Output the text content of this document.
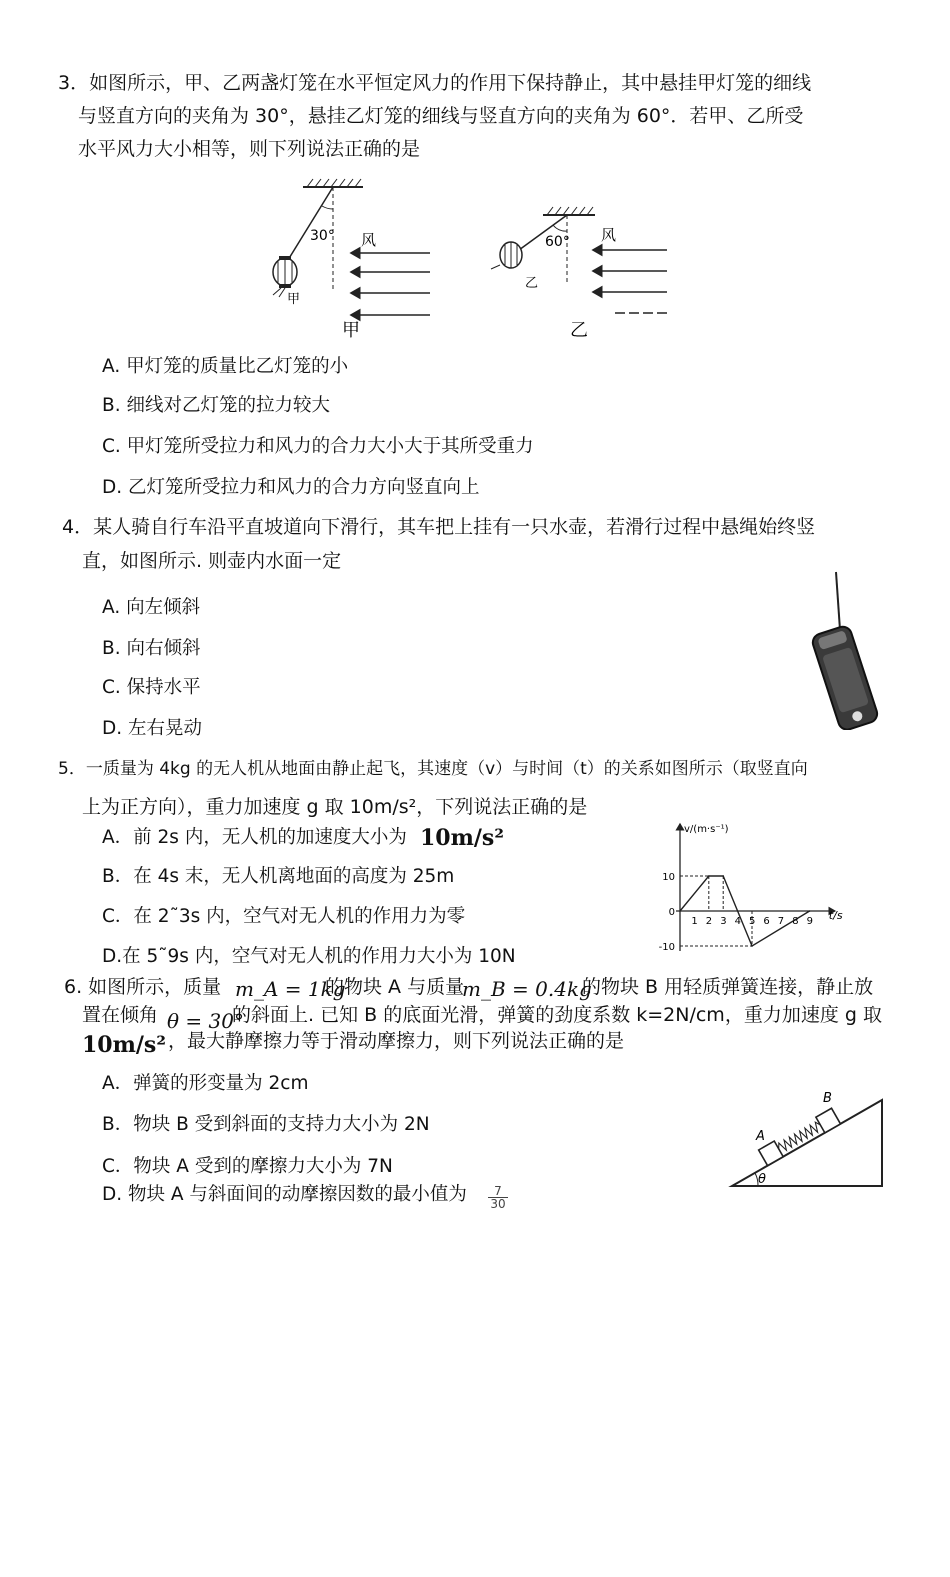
3．如图所示，甲、乙两盏灯笼在水平恒定风力的作用下保持静止，其中悬挂甲灯笼的细线
与竖直方向的夹角为 30°，悬挂乙灯笼的细线与竖直方向的夹角为 60°．若甲、乙所受
水平风力大小相等，则下列说法正确的是
30°
甲
风	60°
乙
风
甲	乙
A. 甲灯笼的质量比乙灯笼的小
B. 细线对乙灯笼的拉力较大
C. 甲灯笼所受拉力和风力的合力大小大于其所受重力
D. 乙灯笼所受拉力和风力的合力方向竖直向上
4．某人骑自行车沿平直坡道向下滑行，其车把上挂有一只水壶，若滑行过程中悬绳始终竖
直，如图所示. 则壶内水面一定
A. 向左倾斜
B. 向右倾斜
C. 保持水平
D. 左右晃动
5．一质量为 4kg 的无人机从地面由静止起飞，其速度（v）与时间（t）的关系如图所示（取竖直向
上为正方向），重力加速度 g 取 10m/s²，下列说法正确的是
A．前 2s 内，无人机的加速度大小为 10m/s²
B．在 4s 末，无人机离地面的高度为 25m
C．在 2˜3s 内，空气对无人机的作用力为零
D.在 5˜9s 内，空气对无人机的作用力大小为 10N
v/(m·s⁻¹)
t/s
1 2 3 4 5 6 7 8 9
10
0
-10
6. 如图所示，质量 m_A = 1kg
的物块 A 与质量
m_B = 0.4kg
的物块 B 用轻质弹簧连接，静止放
置在倾角 θ = 30°
的斜面上. 已知 B 的底面光滑，弹簧的劲度系数 k=2N/cm，重力加速度 g 取
10m/s² ，最大静摩擦力等于滑动摩擦力，则下列说法正确的是
A．弹簧的形变量为 2cm
B．物块 B 受到斜面的支持力大小为 2N
C．物块 A 受到的摩擦力大小为 7N
D. 物块 A 与斜面间的动摩擦因数的最小值为 $\frac{7}{30}$
θ
A
B
